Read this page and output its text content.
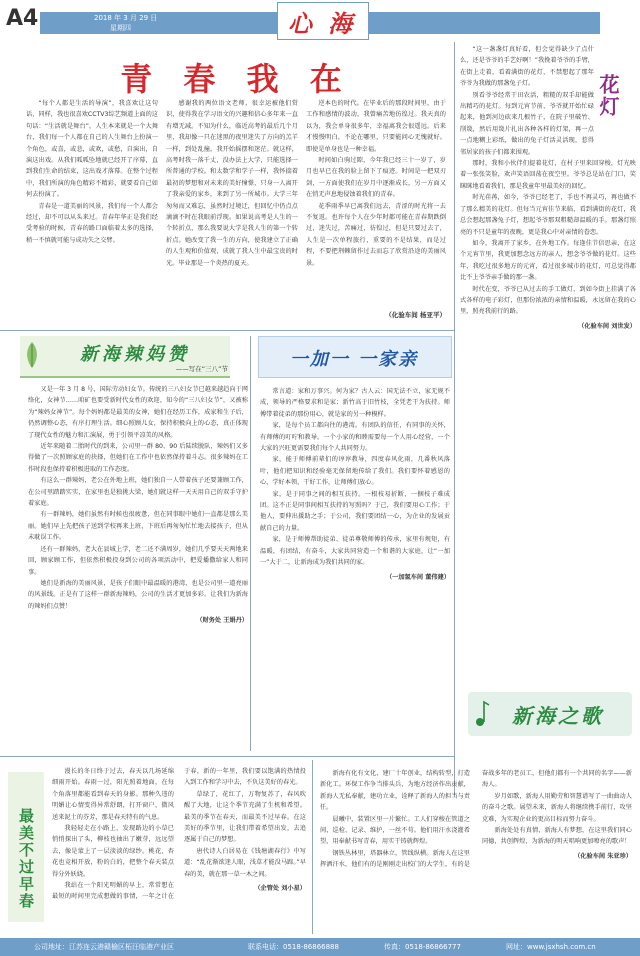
A4	2018 年 3 月 29 日
星期四	心 海
青 春 我 在

“每个人都是生活的导演”，我喜欢让这句话，同样，我也很喜欢CCTV3综艺频道上面的这句话：“生活就是舞台”，人生本来就是一个大舞台，我们每一个人都在自己的人生舞台上扮演一个角色，或喜，或悲，或欢，或愁，自演出，自演这出戏。从我们呱呱坠地就已经开了序幕，直到我们生命的结束，这出戏才落幕。在整个过程中，我们所演的角色精彩不精彩，就要看自己如何去扮演了。

青春是一道美丽的风景，我们每一个人都会经过，却不可以从头来过。青春年华正是我们经受考验的时候，青春的路口面临着太多的选择，稍一不慎就可能与成功失之交臂。

感谢我的两位语文老师，很幸运被他们赏识，使得我在学习语文的兴趣和信心多年来一直有增无减。不知为什么，临近高考的最后几个月里，我却像一只在迷黑的夜里迷失了方向的羔羊一样，到处乱撞。我开始摇摆和迷茫。就这样，高考时我一落千丈，没办法上大学，只能选择一所普通的学校。和太数学和学子一样，我怀揣着最初的梦想和对未来的美好憧憬，只身一人离开了我亲爱的家乡，来到了另一所城市。大学三年匆匆而又难忘，虽然时过境迁，但回忆中仍点点滴滴不时在我眼前浮现。如果说高考是人生的一个转折点，那么我要说大学是我人生的第一个转折点。她改变了我一生的方向，使我建立了正确的人生观和价值观，成就了我人生中最宝贵的时光。毕业那是一个炎热的夏天。

逆本色的时代。在毕业后的那段时间里，由于工作和感情的波动，我曾痛苦地彷徨过。我天真的以为，我会单身很多年，幸福离我会很遥远。后来才慢慢明白，不论在哪里，只要能问心无愧就好。即使是单身也是一种幸福。

时间如白驹过隙，今年我已经三十一岁了，岁月也早已在我的脸上留下了痕迹。时间是一把双刃剑，一方面使我们在岁月中逐渐成长，另一方面又在悄无声息地侵蚀着我们的青春。

花季雨季早已离我们远去，青涩的时光将一去不复返。也许每个人在少年时都可能在青春期跌倒过，迷失过，苦痛过，彷徨过，但是只要过去了，人生是一次单程旅行，重要的不是结果，而是过程，不要把荆棘留作过去而忘了欣赏沿途的美丽风景。

（化验车间 杨亚平）
新海辣妈赞
——写在“三八”节

又是一年 3 月 8 号，国际劳动妇女节。传统的三八妇女节已越来越趋向于网络化，女神节……咱矿也要受新时代女性的欢迎，知今的“三八妇女节”，又被称为“辣妈女神节”。每个妈妈都是最美的女神，她们在经历工作，成家和生子后，仍然调整心态，有序打理生活。细心照顾儿女，保持积极向上的心态，真正体现了现代女性的魅力和汇演展，勇于引领平凉美的风格。

近年来随着二胎时代的到来，公司里一群 80、90 后陆续脱队，辣妈们又多得做了一次照顾家庭的抉择，但她们在工作中也依然保持着斗志。很多辣妈在工作时段也保持着积极进取的工作态度。

有这么一群辣妈，老公在外地上班，她们独自一人带着孩子还要兼顾工作，在公司里踏踏实实，在家里也是独挑大梁，她们就这样一天天用自己的双手守护着家庭。

有一群辣妈，她们虽然有时候也很疲惫，但在同事眼中她们一直都是那么美丽。她们早上先把孩子送到学校再来上班，下班后再匆匆忙忙地去接孩子，但从未耽误工作。

还有一群辣妈，老大在县城上学，老二还不满周岁，她们几乎要天天两地来回，顾家顾工作，但依然积极投身到公司的各项活动中，把爱播撒给家人和同事。

她们是新海的美丽风景，是孩子们眼中最温暖的港湾，也是公司里一道亮丽的风景线。正是有了这样一群新海辣妈，公司的生活才更加多彩。让我们为新海的辣妈们点赞！

（财务处 王娟丹）
一加一 一家亲

常言道：家和万事兴。何为家？古人云：国无法不立，家无规不成，领导的严格要求和是家；新竹高于旧竹枝，全凭老干为扶持。师傅带着徒弟的那份用心，就是家的另一种模样。

家，是每个员工都向往的港湾。有团队的信任，有同事的关怀，有师傅的叮咛和教导。一个小家的和睦需要每一个人用心经营，一个大家的兴旺更需要我们每个人共同努力。

家，能于师傅前辈们的谆谆教导，四度春风化雨，几番秋风落叶，他们把知识和经验毫无保留地传给了我们。我们要怀着感恩的心，学好本领，干好工作，让师傅们放心。

家，是于同事之间的相互扶持。一根枝易折断，一捆枝子难成团。这不正是同事间相互扶持的写照吗？于己，我们要用心工作；于他人，要伸出援助之手；于公司，我们要团结一心，为企业的发展贡献自己的力量。

家，是于师傅帮助徒弟、徒弟尊敬师傅的传承，家里有规矩，有温暖，有团结，有奋斗，大家共同营造一个和谐的大家庭，让“一加一”大于二，让新海成为我们共同的家。

（一加氢车间 董伟建）
花灯

“这一盏盏灯真好看，但会觉得缺少了点什么，还是爷爷的手艺好啊！”我挽着爷爷的手臂，在街上走着，看着满街的花灯，不禁想起了那年爷爷为我做的那盏兔子灯。

别看爷爷经常干田农活，粗糙的双手却能做出精巧的花灯。每到元宵节前，爷爷就开始忙碌起来，他到河边砍来几根竹子，在院子里破竹、削篾，然后用篾片扎出各种各样的灯架，再一点一点地糊上彩纸，做出的兔子灯活灵活现，惹得邻居家的孩子们都来围观。

那时，我和小伙伴们提着花灯，在村子里来回穿梭，灯光映着一张张笑脸，欢声笑语回荡在夜空里。爷爷总是站在门口，笑眯眯地看着我们，那是我童年里最美好的回忆。

时光荏苒，如今，爷爷已经老了，手也不再灵巧，再也做不了那么精美的花灯。但每当元宵佳节来临，看到满街的花灯，我总会想起那盏兔子灯，想起爷爷那双粗糙却温暖的手。那盏灯照亮的不只是童年的夜晚，更是我心中对亲情的眷恋。

如今，我离开了家乡，在外地工作。每逢佳节倍思亲，在这个元宵节里，我更加想念远方的亲人，想念爷爷做的花灯。这些年，我吃过很多地方的元宵，看过很多城市的花灯，可总觉得都比不上爷爷亲手做的那一盏。

时代在变，爷爷已从过去的手工做灯，到如今街上挂满了各式各样的电子彩灯，但那份浓浓的亲情和温暖，永远留在我的心里，照亮我前行的路。

（化验车间 刘世发）
最美不过早春

漫长的冬日终于过去，春天以几场延绵细雨开始。春雨一过，阳光照着地面，在每个角落里都能看到春天的身影。那种久违的明媚让心情变得异常舒朗，打开窗户，微风送来泥土的芬芳，那是春天特有的气息。

我轻轻走在小路上，发现路边的小草已悄悄探出了头，柳枝也抽出了嫩芽，远远望去，像是蒙上了一层淡淡的绿纱。桃花、杏花也竞相开放，粉的白的，把整个春天装点得分外妖娆。

我站在一个阳光明媚的早上，常常想在最短的时间里完成想做的事情，一年之计在于春，新的一年里，我们要以饱满的热情投入到工作和学习中去，不负这美好的春光。

草绿了，花红了，万物复苏了，春风吹醒了大地，让这个季节充满了生机和希望。最美的季节在春天，而最美不过早春。在这美好的季节里，让我们带着希望出发，去追逐属于自己的梦想。

唐代诗人白居易在《钱塘湖春行》中写道：“乱花渐欲迷人眼，浅草才能没马蹄。”早春的美，就在那一草一木之间。

（企管处 刘小星）
新海之歌

新海有化有文化，建厂十年创业，结构转型，打造新化工。环保工作争当排头兵，为地方经济作出贡献，新海人无私奉献，建功立业，诠释了新海人的担当与责任。

晨曦中，装置区里一片繁忙。工人们穿梭在管道之间，巡检、记录、维护，一丝不苟。他们用汗水浇灌希望，用奉献书写青春，用实干铸就辉煌。

钢铁丛林里，塔器林立，管线纵横。新海人在这里挥洒汗水，他们有的是刚刚走出校门的大学生，有的是奋战多年的老员工，但他们都有一个共同的名字——新海人。

岁月如歌，新海人用勤劳和智慧谱写了一曲曲动人的奋斗之歌。展望未来，新海人将继续携手前行，攻坚克难，为实现企业的更高目标而努力奋斗。

新海处处有真情，新海人有梦想，在这里我们同心同德，共创辉煌，为新海的明天唱响更加嘹亮的歌声！

（化验车间 朱亚珍）
公司地址：江苏连云港赣榆区柘汪临港产业区	联系电话：0518-86866888	传真：0518-86866777	网址：www.jsxhsh.com.cn
